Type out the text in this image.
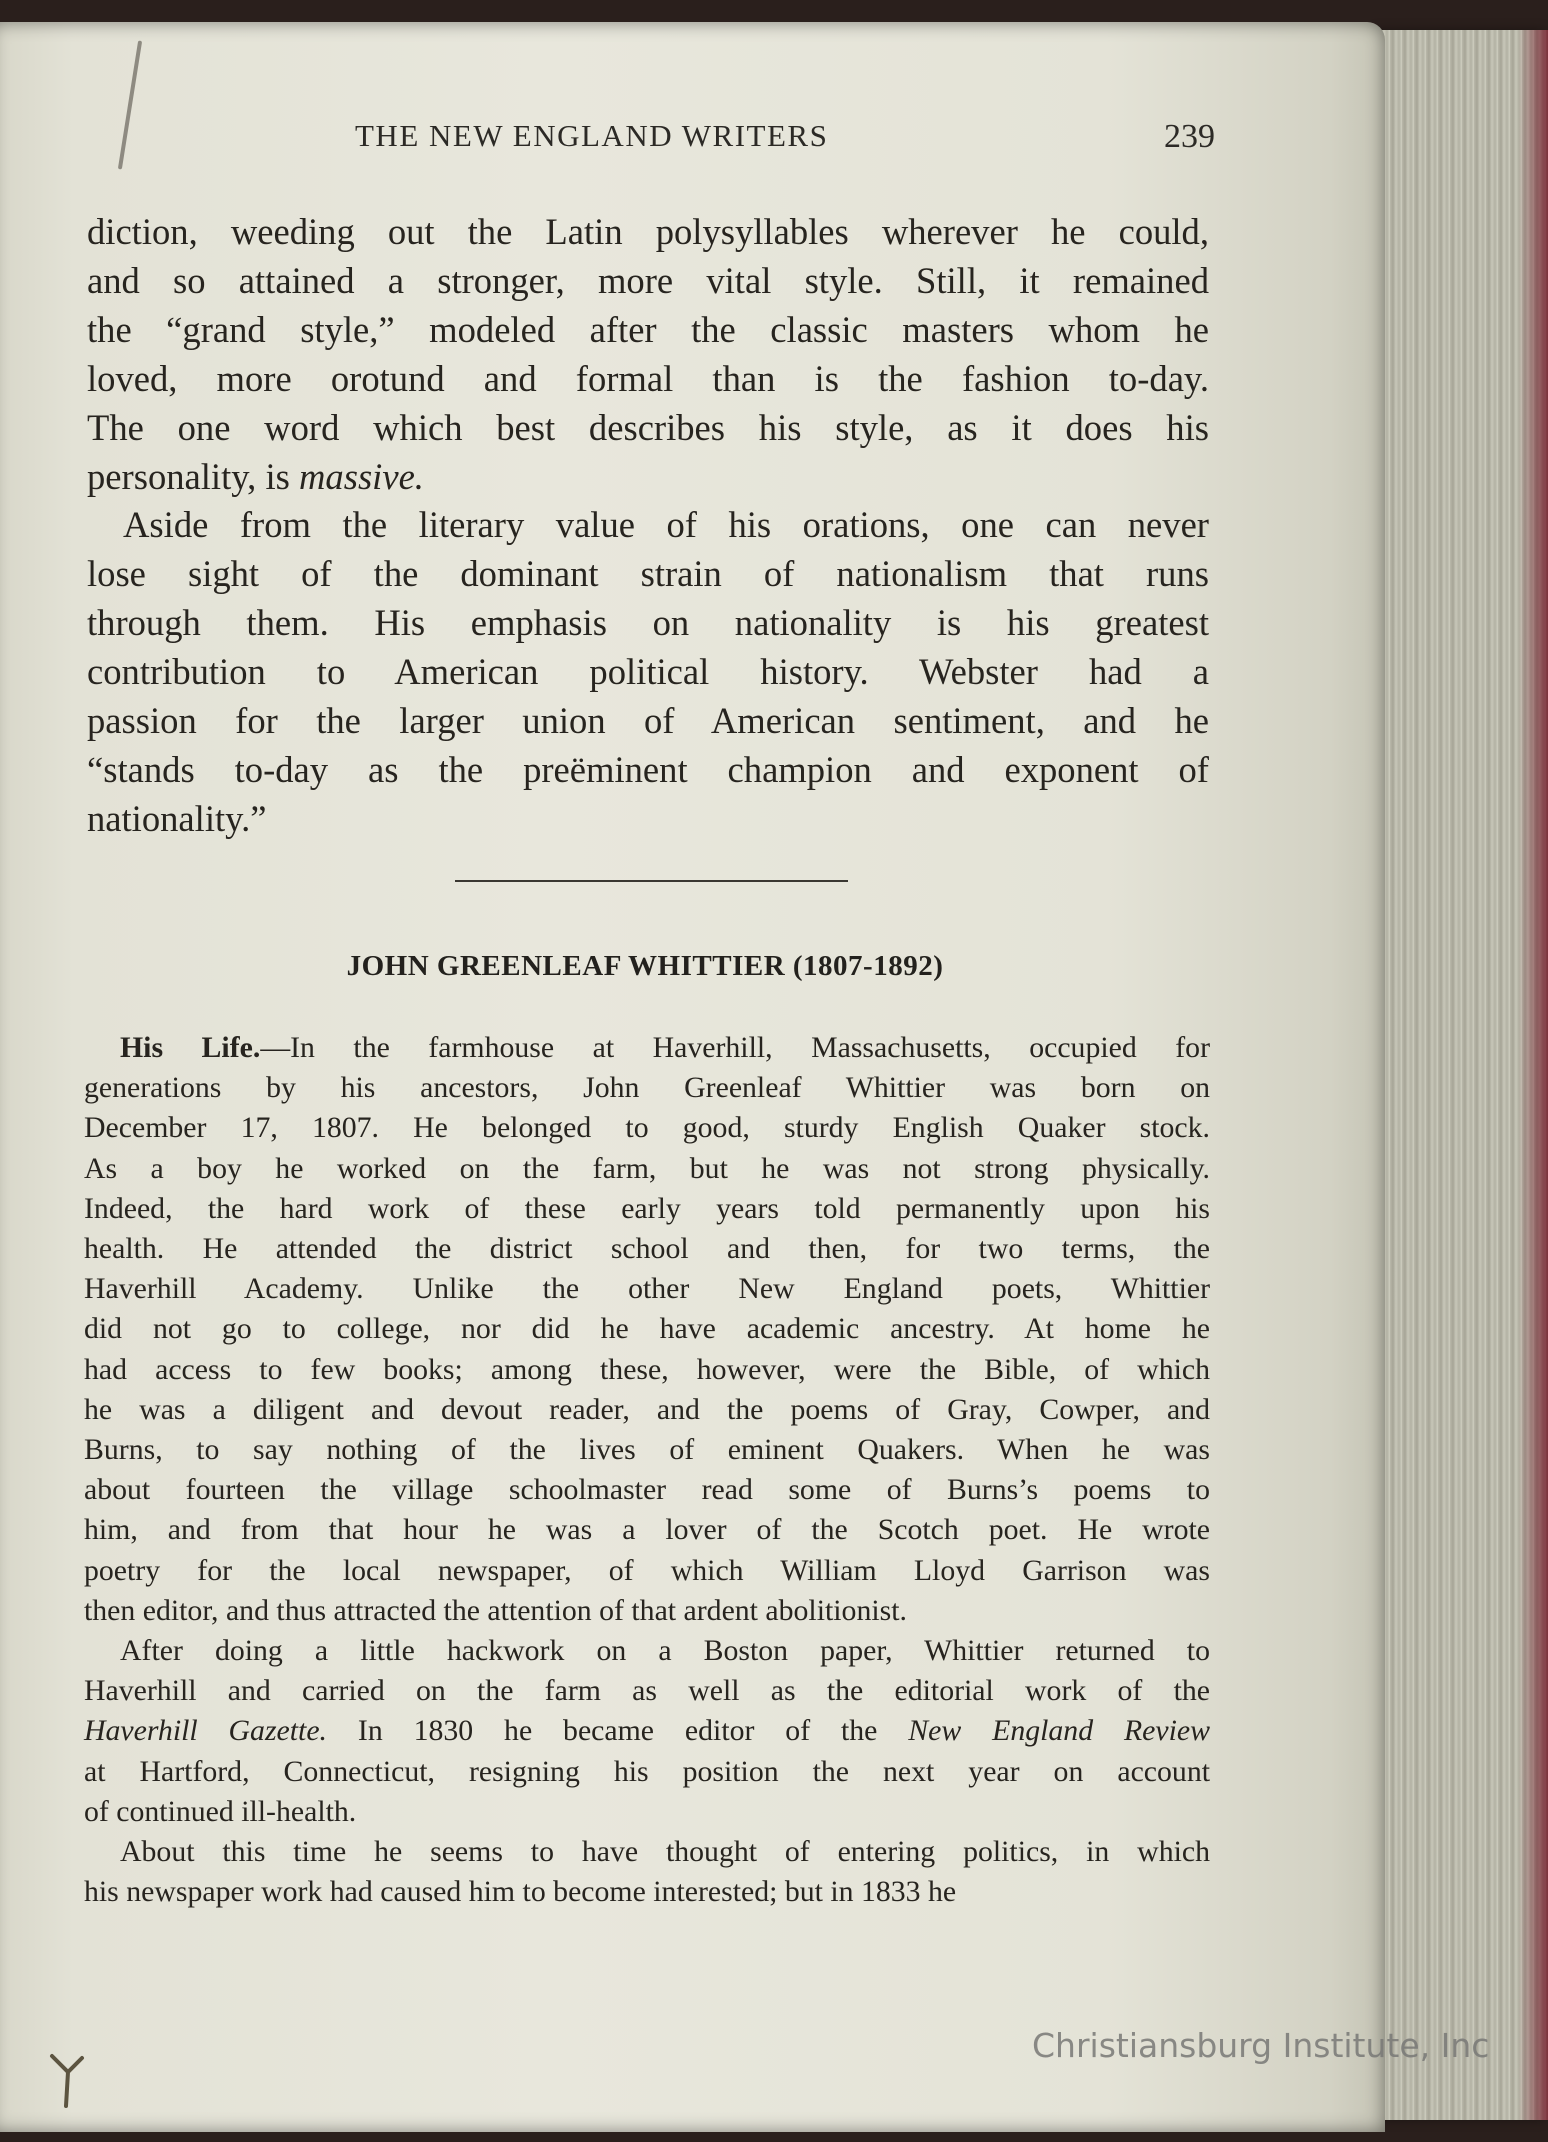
THE NEW ENGLAND WRITERS	239

diction, weeding out the Latin polysyllables wherever he could,

and so attained a stronger, more vital style. Still, it remained

the “grand style,” modeled after the classic masters whom he

loved, more orotund and formal than is the fashion to-day.

The one word which best describes his style, as it does his

personality, is massive.

Aside from the literary value of his orations, one can never

lose sight of the dominant strain of nationalism that runs

through them. His emphasis on nationality is his greatest

contribution to American political history. Webster had a

passion for the larger union of American sentiment, and he

“stands to-day as the preëminent champion and exponent of

nationality.”

JOHN GREENLEAF WHITTIER (1807-1892)

His Life.—In the farmhouse at Haverhill, Massachusetts, occupied for

generations by his ancestors, John Greenleaf Whittier was born on

December 17, 1807. He belonged to good, sturdy English Quaker stock.

As a boy he worked on the farm, but he was not strong physically.

Indeed, the hard work of these early years told permanently upon his

health. He attended the district school and then, for two terms, the

Haverhill Academy. Unlike the other New England poets, Whittier

did not go to college, nor did he have academic ancestry. At home he

had access to few books; among these, however, were the Bible, of which

he was a diligent and devout reader, and the poems of Gray, Cowper, and

Burns, to say nothing of the lives of eminent Quakers. When he was

about fourteen the village schoolmaster read some of Burns’s poems to

him, and from that hour he was a lover of the Scotch poet. He wrote

poetry for the local newspaper, of which William Lloyd Garrison was

then editor, and thus attracted the attention of that ardent abolitionist.

After doing a little hackwork on a Boston paper, Whittier returned to

Haverhill and carried on the farm as well as the editorial work of the

Haverhill Gazette. In 1830 he became editor of the New England Review

at Hartford, Connecticut, resigning his position the next year on account

of continued ill-health.

About this time he seems to have thought of entering politics, in which

his newspaper work had caused him to become interested; but in 1833 he

Christiansburg Institute, Inc
